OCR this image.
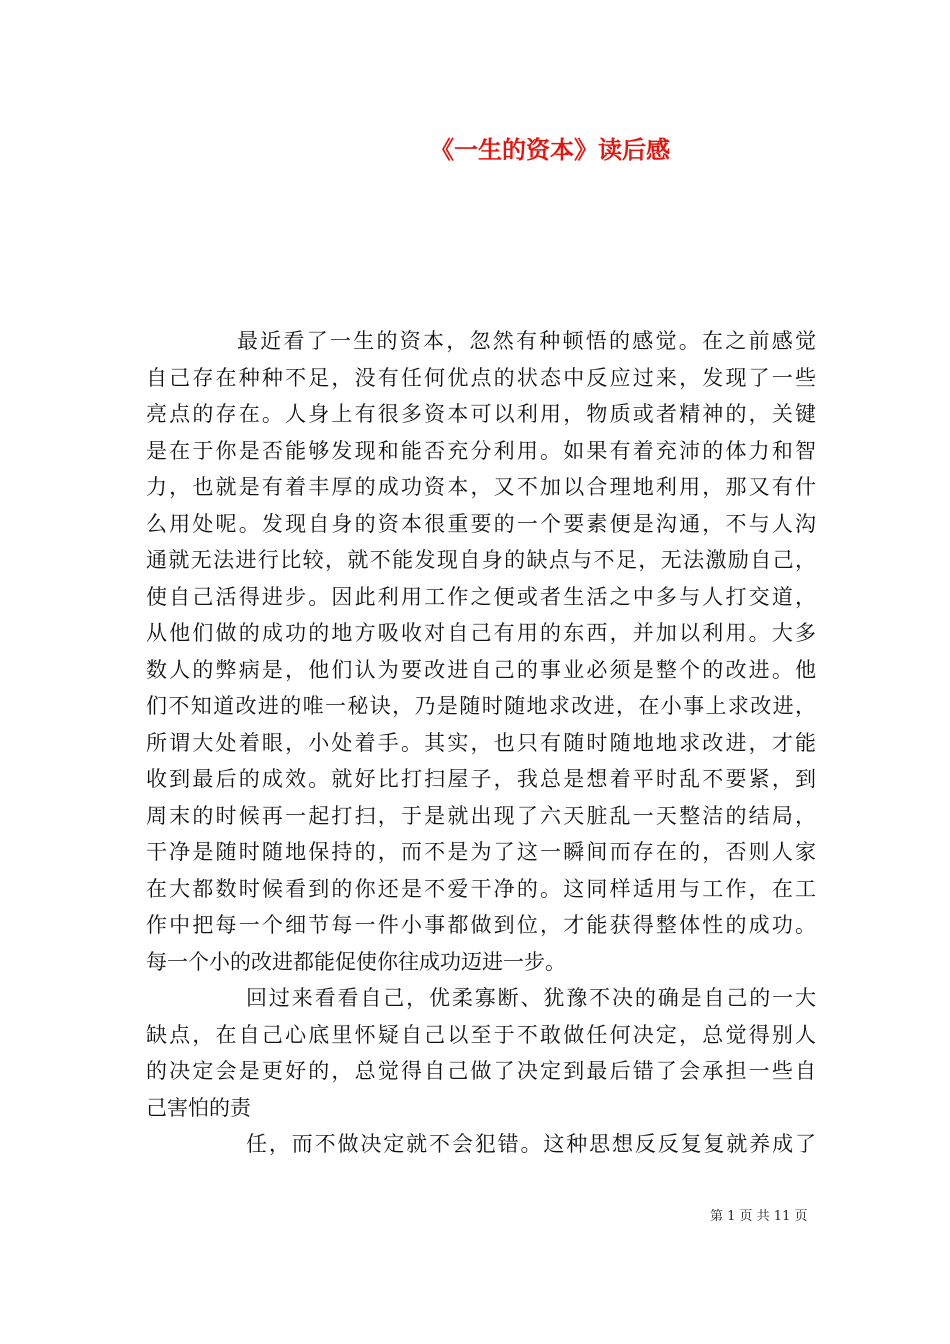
《一生的资本》读后感
最近看了一生的资本，忽然有种顿悟的感觉。在之前感觉
自己存在种种不足，没有任何优点的状态中反应过来，发现了一些
亮点的存在。人身上有很多资本可以利用，物质或者精神的，关键
是在于你是否能够发现和能否充分利用。如果有着充沛的体力和智
力，也就是有着丰厚的成功资本，又不加以合理地利用，那又有什
么用处呢。发现自身的资本很重要的一个要素便是沟通，不与人沟
通就无法进行比较，就不能发现自身的缺点与不足，无法激励自己，
使自己活得进步。因此利用工作之便或者生活之中多与人打交道，
从他们做的成功的地方吸收对自己有用的东西，并加以利用。大多
数人的弊病是，他们认为要改进自己的事业必须是整个的改进。他
们不知道改进的唯一秘诀，乃是随时随地求改进，在小事上求改进，
所谓大处着眼，小处着手。其实，也只有随时随地地求改进，才能
收到最后的成效。就好比打扫屋子，我总是想着平时乱不要紧，到
周末的时候再一起打扫，于是就出现了六天脏乱一天整洁的结局，
干净是随时随地保持的，而不是为了这一瞬间而存在的，否则人家
在大都数时候看到的你还是不爱干净的。这同样适用与工作，在工
作中把每一个细节每一件小事都做到位，才能获得整体性的成功。
每一个小的改进都能促使你往成功迈进一步。
回过来看看自己，优柔寡断、犹豫不决的确是自己的一大
缺点，在自己心底里怀疑自己以至于不敢做任何决定，总觉得别人
的决定会是更好的，总觉得自己做了决定到最后错了会承担一些自
己害怕的责
任，而不做决定就不会犯错。这种思想反反复复就养成了
第 1 页 共 11 页
